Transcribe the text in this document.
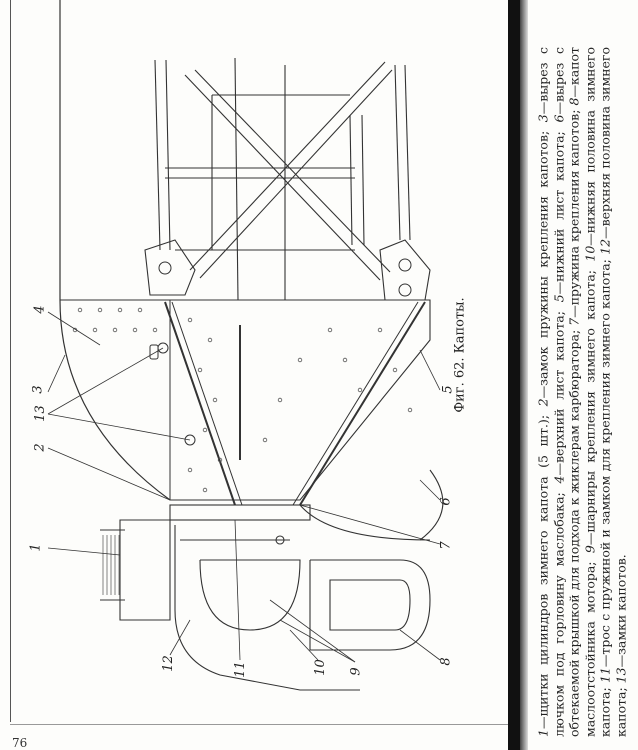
1
2
3
13
4
5
6
7
8
9
10
11
12
Фиг. 62. Капоты.
76
1—щитки цилиндров зимнего капота (5 шт.); 2—замок пружины крепления капотов; 3—вырез с лючком под горловину маслобака; 4—верхний лист капота; 5—нижний лист капота; 6—вырез с обтекаемой крышкой для подхода к жиклерам карбюратора; 7—пружина крепления капотов; 8—капот маслоотстойника мотора; 9—шарниры крепления зимнего капота; 10—нижняя половина зимнего капота; 11—трос с пружиной и замком для крепления зимнего капота; 12—верхняя половина зимнего капота; 13—замки капотов.
